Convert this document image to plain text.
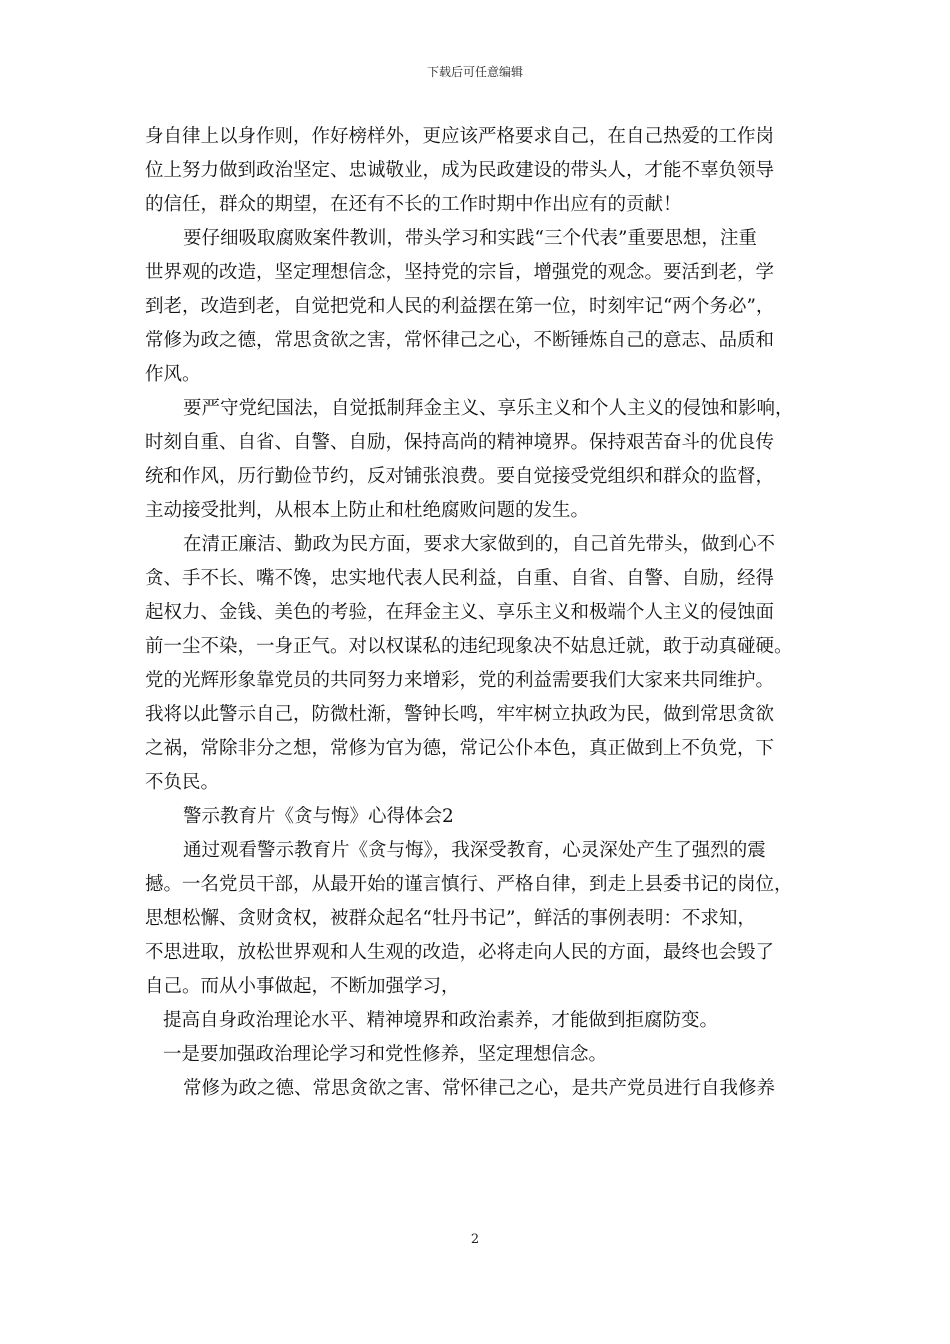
下载后可任意编辑
身自律上以身作则，作好榜样外，更应该严格要求自己，在自己热爱的工作岗
位上努力做到政治坚定、忠诚敬业，成为民政建设的带头人，才能不辜负领导
的信任，群众的期望，在还有不长的工作时期中作出应有的贡献！
要仔细吸取腐败案件教训，带头学习和实践“三个代表”重要思想，注重
世界观的改造，坚定理想信念，坚持党的宗旨，增强党的观念。要活到老，学
到老，改造到老，自觉把党和人民的利益摆在第一位，时刻牢记“两个务必”，
常修为政之德，常思贪欲之害，常怀律己之心，不断锤炼自己的意志、品质和
作风。
要严守党纪国法，自觉抵制拜金主义、享乐主义和个人主义的侵蚀和影响，
时刻自重、自省、自警、自励，保持高尚的精神境界。保持艰苦奋斗的优良传
统和作风，历行勤俭节约，反对铺张浪费。要自觉接受党组织和群众的监督，
主动接受批判，从根本上防止和杜绝腐败问题的发生。
在清正廉洁、勤政为民方面，要求大家做到的，自己首先带头，做到心不
贪、手不长、嘴不馋，忠实地代表人民利益，自重、自省、自警、自励，经得
起权力、金钱、美色的考验，在拜金主义、享乐主义和极端个人主义的侵蚀面
前一尘不染，一身正气。对以权谋私的违纪现象决不姑息迁就，敢于动真碰硬。
党的光辉形象靠党员的共同努力来增彩，党的利益需要我们大家来共同维护。
我将以此警示自己，防微杜渐，警钟长鸣，牢牢树立执政为民，做到常思贪欲
之祸，常除非分之想，常修为官为德，常记公仆本色，真正做到上不负党，下
不负民。
警示教育片《贪与悔》心得体会2
通过观看警示教育片《贪与悔》，我深受教育，心灵深处产生了强烈的震
撼。一名党员干部，从最开始的谨言慎行、严格自律，到走上县委书记的岗位，
思想松懈、贪财贪权，被群众起名“牡丹书记”，鲜活的事例表明：不求知，
不思进取，放松世界观和人生观的改造，必将走向人民的方面，最终也会毁了
自己。而从小事做起，不断加强学习，
提高自身政治理论水平、精神境界和政治素养，才能做到拒腐防变。
一是要加强政治理论学习和党性修养，坚定理想信念。
常修为政之德、常思贪欲之害、常怀律己之心，是共产党员进行自我修养
2
